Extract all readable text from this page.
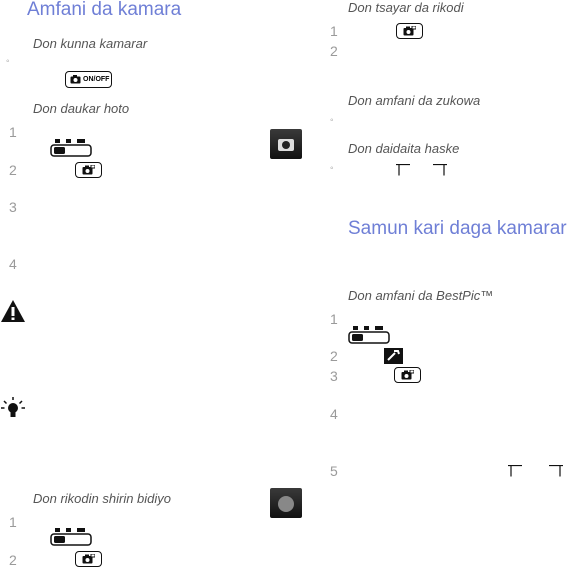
Amfani da kamara
Don kunna kamarar
◦
ON/OFF
Don daukar hoto
1
2
3
4
Don rikodin shirin bidiyo
1
2
Don tsayar da rikodi
1
2
Don amfani da zukowa
◦
Don daidaita haske
◦
Samun kari daga kamarar
Don amfani da BestPic™
1
2
3
4
5
